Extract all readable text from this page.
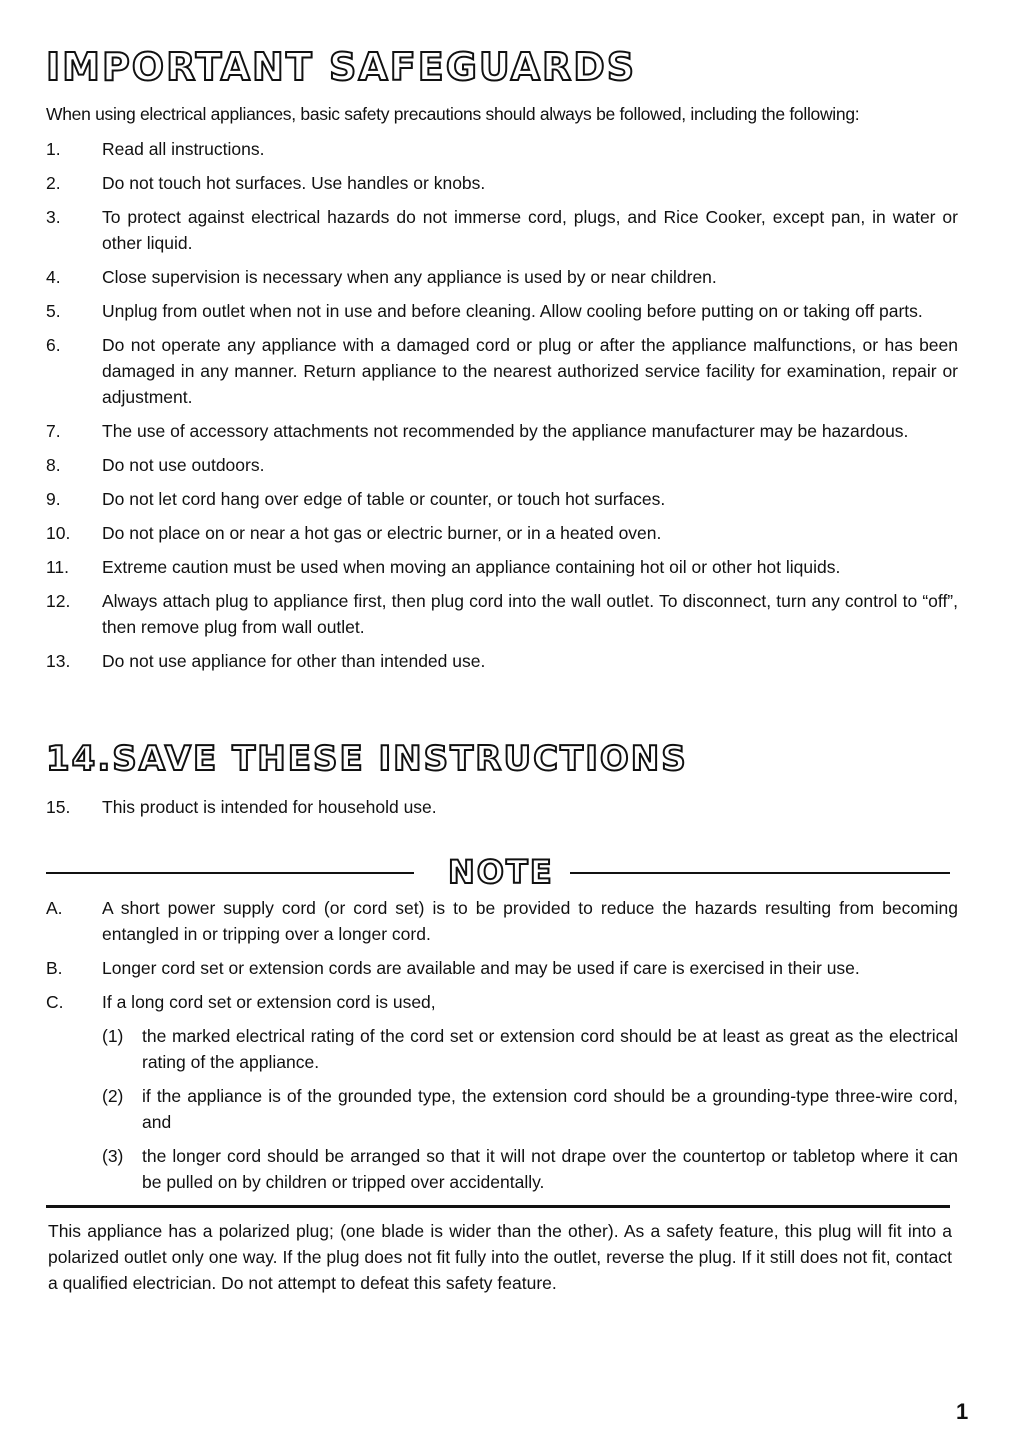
IMPORTANT SAFEGUARDS
When using electrical appliances, basic safety precautions should always be followed, including the following:
1.	Read all instructions.
2.	Do not touch hot surfaces. Use handles or knobs.
3.	To protect against electrical hazards do not immerse cord, plugs, and Rice Cooker, except pan, in water or other liquid.
4.	Close supervision is necessary when any appliance is used by or near children.
5.	Unplug from outlet when not in use and before cleaning. Allow cooling before putting on or taking off parts.
6.	Do not operate any appliance with a damaged cord or plug or after the appliance malfunctions, or has been damaged in any manner. Return appliance to the nearest authorized service facility for examination, repair or adjustment.
7.	The use of accessory attachments not recommended by the appliance manufacturer may be hazardous.
8.	Do not use outdoors.
9.	Do not let cord hang over edge of table or counter, or touch hot surfaces.
10.	Do not place on or near a hot gas or electric burner, or in a heated oven.
11.	Extreme caution must be used when moving an appliance containing hot oil or other hot liquids.
12.	Always attach plug to appliance first, then plug cord into the wall outlet. To disconnect, turn any control to “off”, then remove plug from wall outlet.
13.	Do not use appliance for other than intended use.
14.SAVE THESE INSTRUCTIONS
15.	This product is intended for household use.
NOTE
A.	A short power supply cord (or cord set) is to be provided to reduce the hazards resulting from becoming entangled in or tripping over a longer cord.
B.	Longer cord set or extension cords are available and may be used if care is exercised in their use.
C.	If a long cord set or extension cord is used,
(1)	the marked electrical rating of the cord set or extension cord should be at least as great as the electrical rating of the appliance.
(2)	if the appliance is of the grounded type, the extension cord should be a grounding-type three-wire cord, and
(3)	the longer cord should be arranged so that it will not drape over the countertop or tabletop where it can be pulled on by children or tripped over accidentally.
This appliance has a polarized plug; (one blade is wider than the other). As a safety feature, this plug will fit into a polarized outlet only one way. If the plug does not fit fully into the outlet, reverse the plug. If it still does not fit, contact a qualified electrician. Do not attempt to defeat this safety feature.
1
